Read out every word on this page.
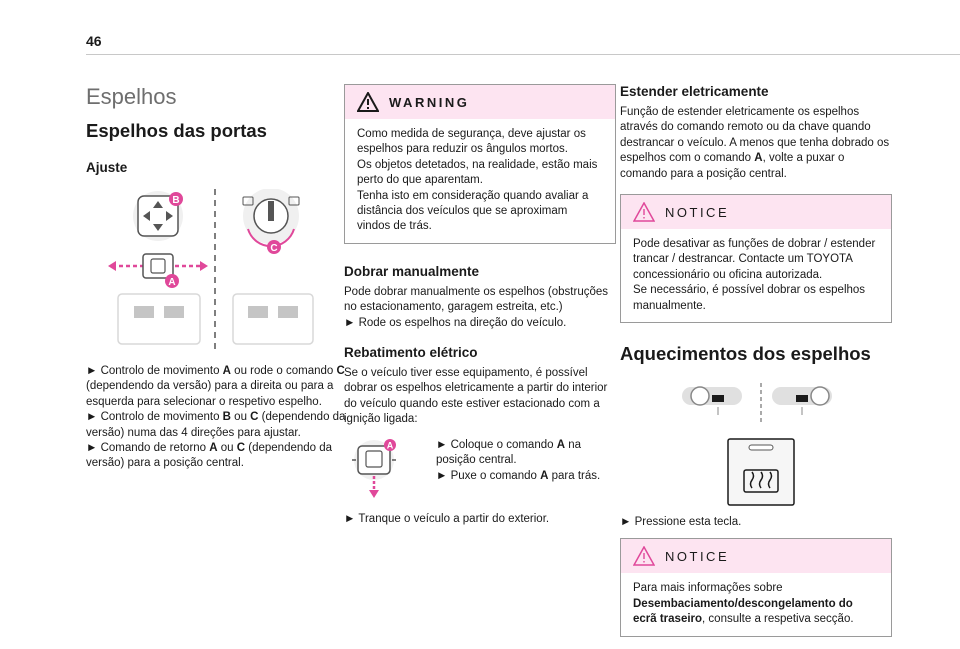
46
Espelhos
Espelhos das portas
Ajuste
B
A
C

► Controlo de movimento A ou rode o comando C (dependendo da versão) para a direita ou para a esquerda para selecionar o respetivo espelho.

► Controlo de movimento B ou C (dependendo da versão) numa das 4 direções para ajustar.

► Comando de retorno A ou C (dependendo da versão) para a posição central.

WARNING

Como medida de segurança, deve ajustar os espelhos para reduzir os ângulos mortos.
Os objetos detetados, na realidade, estão mais perto do que aparentam.
Tenha isto em consideração quando avaliar a distância dos veículos que se aproximam vindos de trás.

Dobrar manualmente

Pode dobrar manualmente os espelhos (obstruções no estacionamento, garagem estreita, etc.)

► Rode os espelhos na direção do veículo.

Rebatimento elétrico

Se o veículo tiver esse equipamento, é possível dobrar os espelhos eletricamente a partir do interior do veículo quando este estiver estacionado com a ignição ligada:

A

►	Coloque o comando A na posição central.

► Puxe o comando A para trás.

► Tranque o veículo a partir do exterior.

Estender eletricamente

Função de estender eletricamente os espelhos através do comando remoto ou da chave quando destrancar o veículo. A menos que tenha dobrado os espelhos com o comando A, volte a puxar o comando para a posição central.

NOTICE

Pode desativar as funções de dobrar / estender trancar / destrancar. Contacte um TOYOTA concessionário ou oficina autorizada.
Se necessário, é possível dobrar os espelhos manualmente.

Aquecimentos dos espelhos

► Pressione esta tecla.

NOTICE

Para mais informações sobre Desembaciamento/descongelamento do ecrã traseiro, consulte a respetiva secção.
